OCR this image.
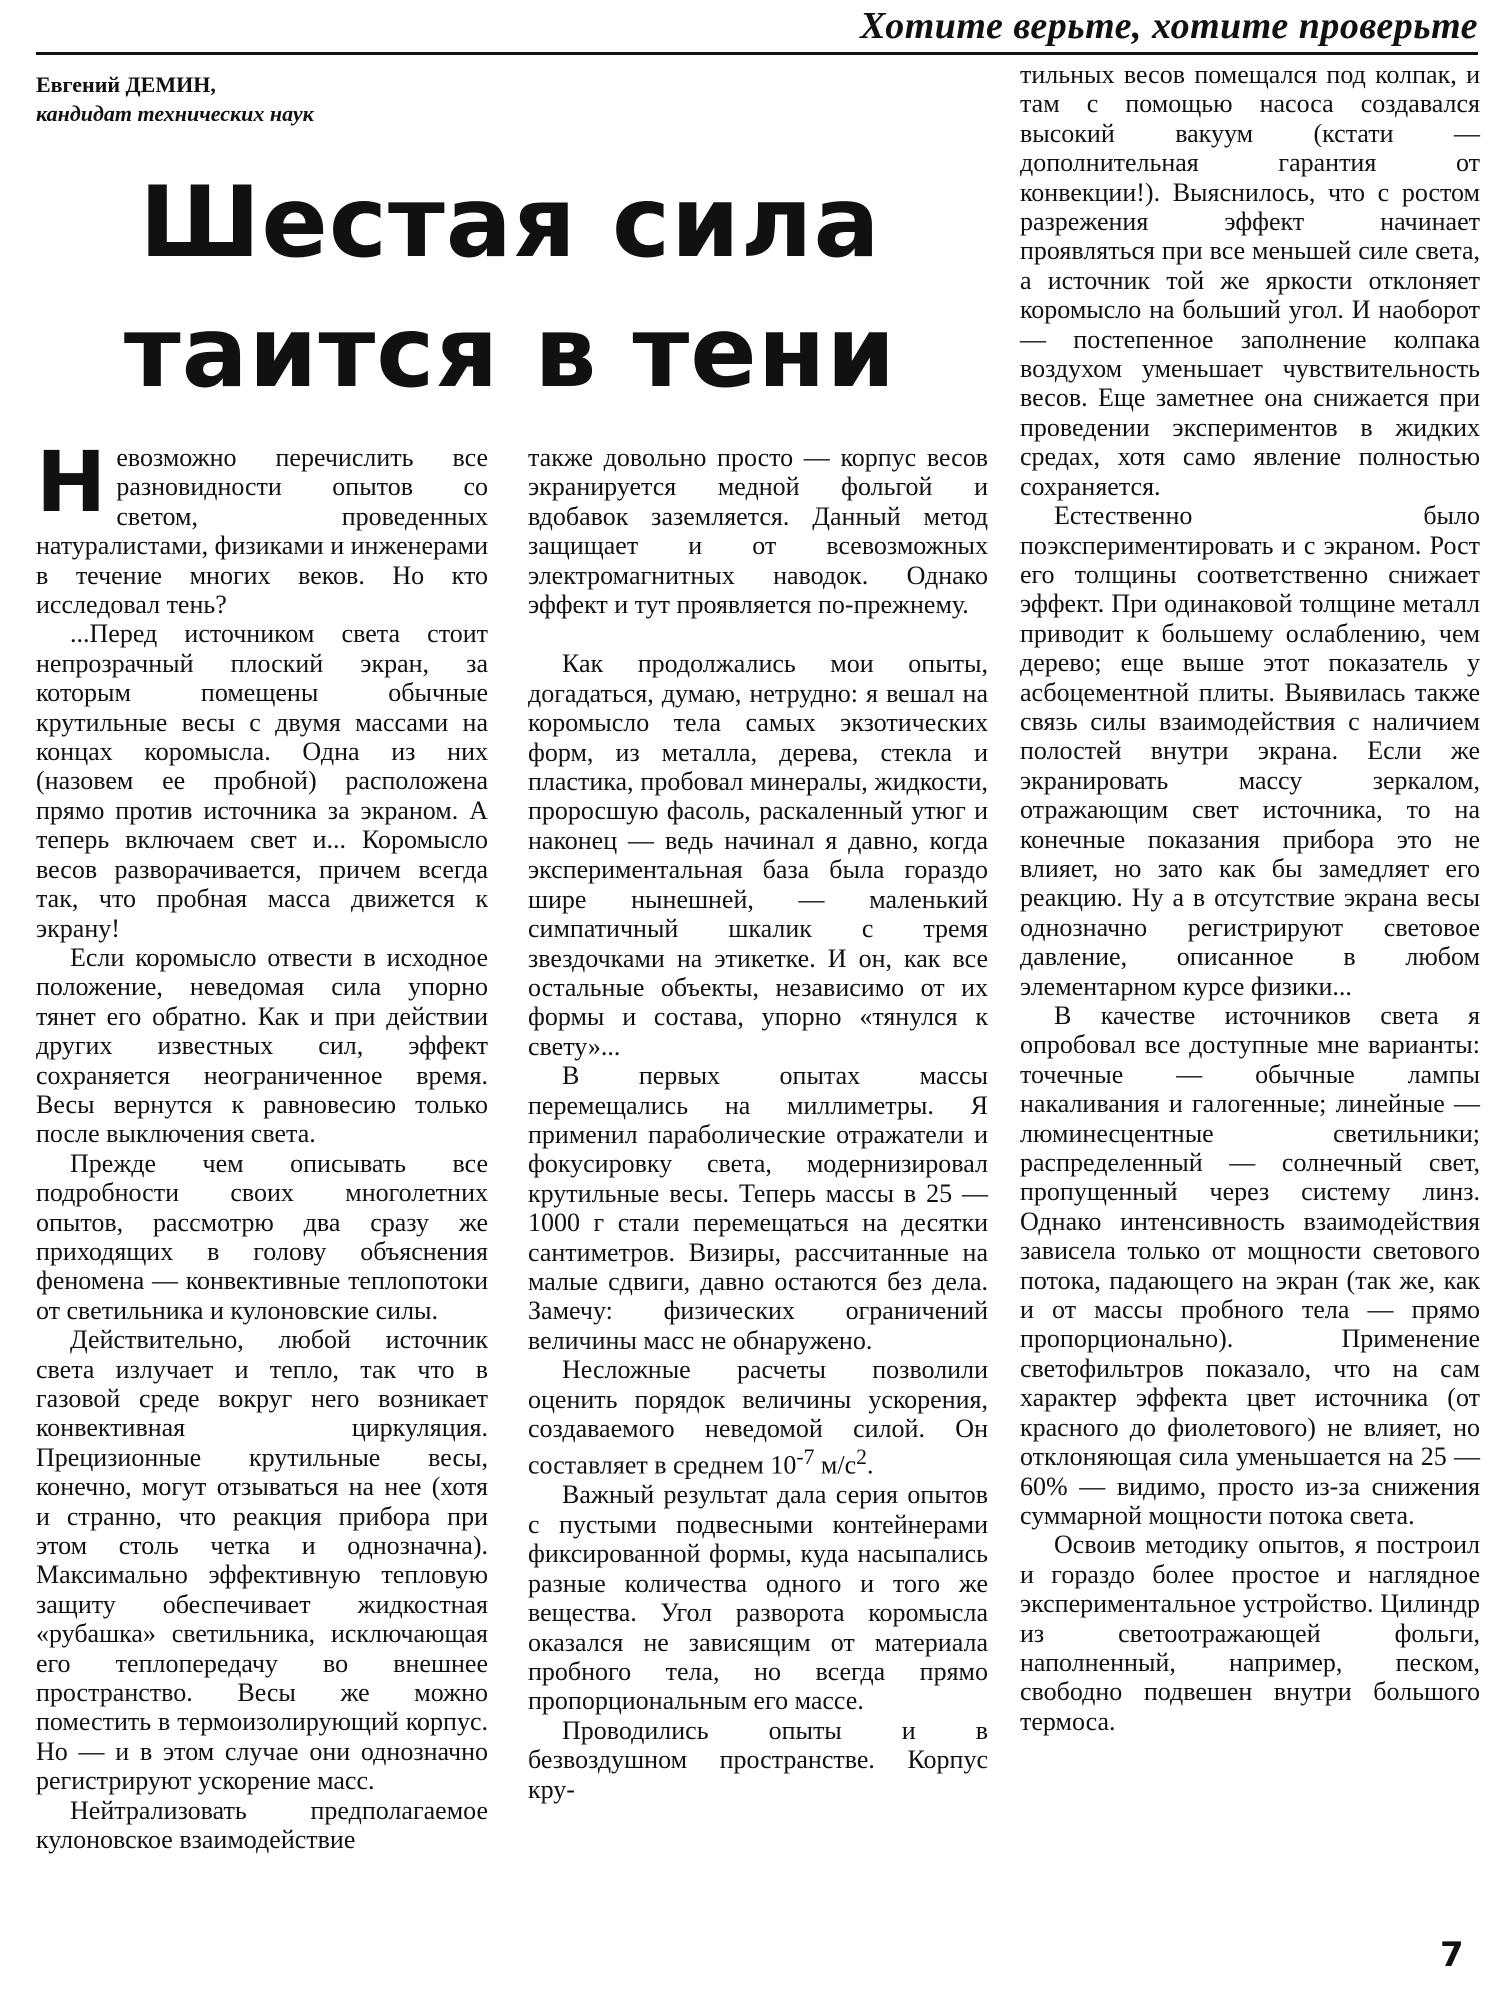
Хотите верьте, хотите проверьте
Евгений ДЕМИН,
кандидат технических наук
Шестая сила
таится в тени

Невозможно перечислить все разновидности опытов со светом, проведенных натуралистами, физиками и инженерами в течение многих веков. Но кто исследовал тень?

...Перед источником света стоит непрозрачный плоский экран, за которым помещены обычные крутильные весы с двумя массами на концах коромысла. Одна из них (назовем ее пробной) расположена прямо против источника за экраном. А теперь включаем свет и... Коромысло весов разворачивается, причем всегда так, что пробная масса движется к экрану!

Если коромысло отвести в исходное положение, неведомая сила упорно тянет его обратно. Как и при действии других известных сил, эффект сохраняется неограниченное время. Весы вернутся к равновесию только после выключения света.

Прежде чем описывать все подробности своих многолетних опытов, рассмотрю два сразу же приходящих в голову объяснения феномена — конвективные теплопотоки от светильника и кулоновские силы.

Действительно, любой источник света излучает и тепло, так что в газовой среде вокруг него возникает конвективная циркуляция. Прецизионные крутильные весы, конечно, могут отзываться на нее (хотя и странно, что реакция прибора при этом столь четка и однозначна). Максимально эффективную тепловую защиту обеспечивает жидкостная «рубашка» светильника, исключающая его теплопередачу во внешнее пространство. Весы же можно поместить в термоизолирующий корпус. Но — и в этом случае они однозначно регистрируют ускорение масс.

Нейтрализовать предполагаемое кулоновское взаимодействие

также довольно просто — корпус весов экранируется медной фольгой и вдобавок заземляется. Данный метод защищает и от всевозможных электромагнитных наводок. Однако эффект и тут проявляется по-прежнему.

Как продолжались мои опыты, догадаться, думаю, нетрудно: я вешал на коромысло тела самых экзотических форм, из металла, дерева, стекла и пластика, пробовал минералы, жидкости, проросшую фасоль, раскаленный утюг и наконец — ведь начинал я давно, когда экспериментальная база была гораздо шире нынешней, — маленький симпатичный шкалик с тремя звездочками на этикетке. И он, как все остальные объекты, независимо от их формы и состава, упорно «тянулся к свету»...

В первых опытах массы перемещались на миллиметры. Я применил параболические отражатели и фокусировку света, модернизировал крутильные весы. Теперь массы в 25 — 1000 г стали перемещаться на десятки сантиметров. Визиры, рассчитанные на малые сдвиги, давно остаются без дела. Замечу: физических ограничений величины масс не обнаружено.

Несложные расчеты позволили оценить порядок величины ускорения, создаваемого неведомой силой. Он составляет в среднем $10^{-7}$ $м/с^2$.

Важный результат дала серия опытов с пустыми подвесными контейнерами фиксированной формы, куда насыпались разные количества одного и того же вещества. Угол разворота коромысла оказался не зависящим от материала пробного тела, но всегда прямо пропорциональным его массе.

Проводились опыты и в безвоздушном пространстве. Корпус кру-

тильных весов помещался под колпак, и там с помощью насоса создавался высокий вакуум (кстати — дополнительная гарантия от конвекции!). Выяснилось, что с ростом разрежения эффект начинает проявляться при все меньшей силе света, а источник той же яркости отклоняет коромысло на больший угол. И наоборот — постепенное заполнение колпака воздухом уменьшает чувствительность весов. Еще заметнее она снижается при проведении экспериментов в жидких средах, хотя само явление полностью сохраняется.

Естественно было поэкспериментировать и с экраном. Рост его толщины соответственно снижает эффект. При одинаковой толщине металл приводит к большему ослаблению, чем дерево; еще выше этот показатель у асбоцементной плиты. Выявилась также связь силы взаимодействия с наличием полостей внутри экрана. Если же экранировать массу зеркалом, отражающим свет источника, то на конечные показания прибора это не влияет, но зато как бы замедляет его реакцию. Ну а в отсутствие экрана весы однозначно регистрируют световое давление, описанное в любом элементарном курсе физики...

В качестве источников света я опробовал все доступные мне варианты: точечные — обычные лампы накаливания и галогенные; линейные — люминесцентные светильники; распределенный — солнечный свет, пропущенный через систему линз. Однако интенсивность взаимодействия зависела только от мощности светового потока, падающего на экран (так же, как и от массы пробного тела — прямо пропорционально). Применение светофильтров показало, что на сам характер эффекта цвет источника (от красного до фиолетового) не влияет, но отклоняющая сила уменьшается на 25 — 60% — видимо, просто из-за снижения суммарной мощности потока света.

Освоив методику опытов, я построил и гораздо более простое и наглядное экспериментальное устройство. Цилиндр из светоотражающей фольги, наполненный, например, песком, свободно подвешен внутри большого термоса.

7
